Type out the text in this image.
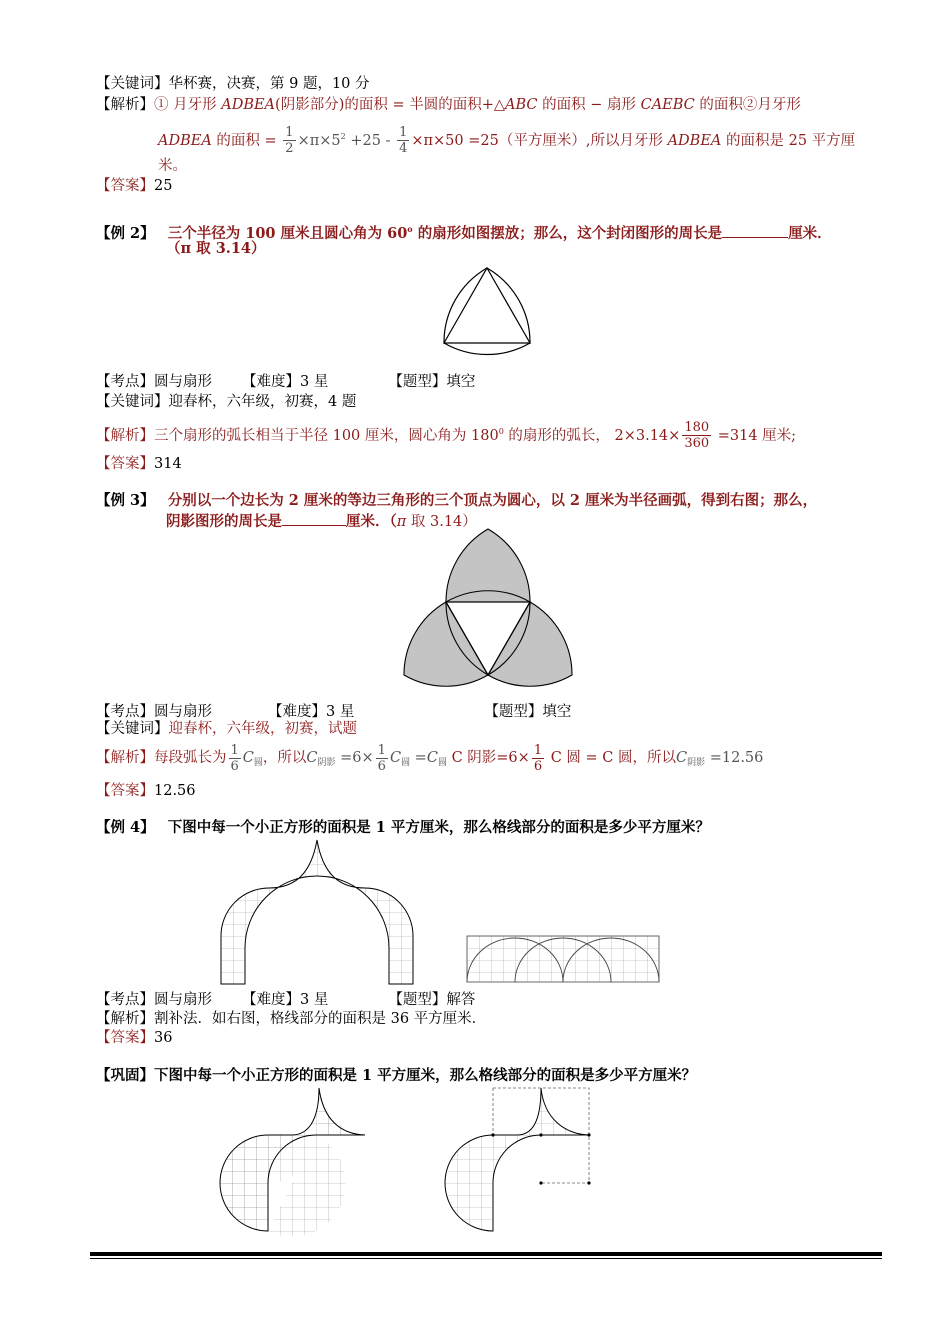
【关键词】华杯赛，决赛，第 9 题，10 分
【解析】① 月牙形 ADBEA(阴影部分)的面积 = 半圆的面积+△ABC 的面积 − 扇形 CAEBC 的面积②月牙形
ADBEA 的面积 = $\frac{1}{2} \times\pi\times 5^2 +25 - \frac{1}{4} \times\pi\times 50 =25$（平方厘米）,所以月牙形 ADBEA 的面积是 25 平方厘
米。
【答案】25
【例 2】 三个半径为 100 厘米且圆心角为 60$^o$ 的扇形如图摆放；那么，这个封闭图形的周长是	厘米．
（π 取 3.14）
【考点】圆与扇形 【难度】3 星	【题型】填空
【关键词】迎春杯，六年级，初赛，4 题
【解析】三个扇形的弧长相当于半径 100 厘米，圆心角为 $180^0$ 的扇形的弧长， $2\times 3.14\times \frac{180}{360} =314$ 厘米;
【答案】314
【例 3】 分别以一个边长为 2 厘米的等边三角形的三个顶点为圆心，以 2 厘米为半径画弧，得到右图；那么，
阴影图形的周长是	厘米．（π 取 3.14）
【考点】圆与扇形	【难度】3 星	【题型】填空
【关键词】迎春杯，六年级，初赛，试题
【解析】每段弧长为 $\frac{1}{6} C_圆$，所以$C_{阴影} =6\times \frac{1}{6} C_圆 =C_圆$ C 阴影$=6\times \frac{1}{6}$ C 圆 = C 圆，所以$C_{阴影} =12.56$
【答案】12.56
【例 4】 下图中每一个小正方形的面积是 1 平方厘米，那么格线部分的面积是多少平方厘米？
【考点】圆与扇形 【难度】3 星	【题型】解答
【解析】割补法．如右图，格线部分的面积是 36 平方厘米．
【答案】36
【巩固】下图中每一个小正方形的面积是 1 平方厘米，那么格线部分的面积是多少平方厘米？
